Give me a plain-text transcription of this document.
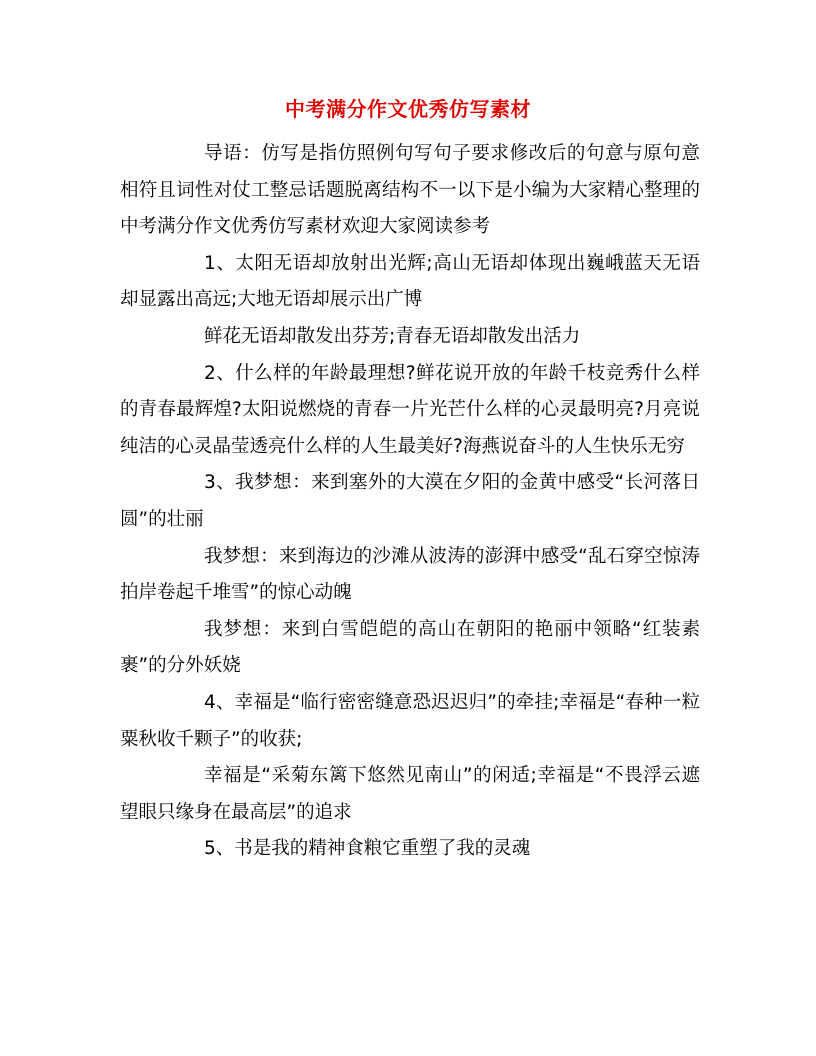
中考满分作文优秀仿写素材

导语：仿写是指仿照例句写句子要求修改后的句意与原句意相符且词性对仗工整忌话题脱离结构不一以下是小编为大家精心整理的中考满分作文优秀仿写素材欢迎大家阅读参考

1、太阳无语却放射出光辉;高山无语却体现出巍峨蓝天无语却显露出高远;大地无语却展示出广博

鲜花无语却散发出芬芳;青春无语却散发出活力

2、什么样的年龄最理想?鲜花说开放的年龄千枝竞秀什么样的青春最辉煌?太阳说燃烧的青春一片光芒什么样的心灵最明亮?月亮说纯洁的心灵晶莹透亮什么样的人生最美好?海燕说奋斗的人生快乐无穷

3、我梦想：来到塞外的大漠在夕阳的金黄中感受“长河落日圆”的壮丽

我梦想：来到海边的沙滩从波涛的澎湃中感受“乱石穿空惊涛拍岸卷起千堆雪”的惊心动魄

我梦想：来到白雪皑皑的高山在朝阳的艳丽中领略“红装素裹”的分外妖娆

4、幸福是“临行密密缝意恐迟迟归”的牵挂;幸福是“春种一粒粟秋收千颗子”的收获;

幸福是“采菊东篱下悠然见南山”的闲适;幸福是“不畏浮云遮望眼只缘身在最高层”的追求

5、书是我的精神食粮它重塑了我的灵魂
